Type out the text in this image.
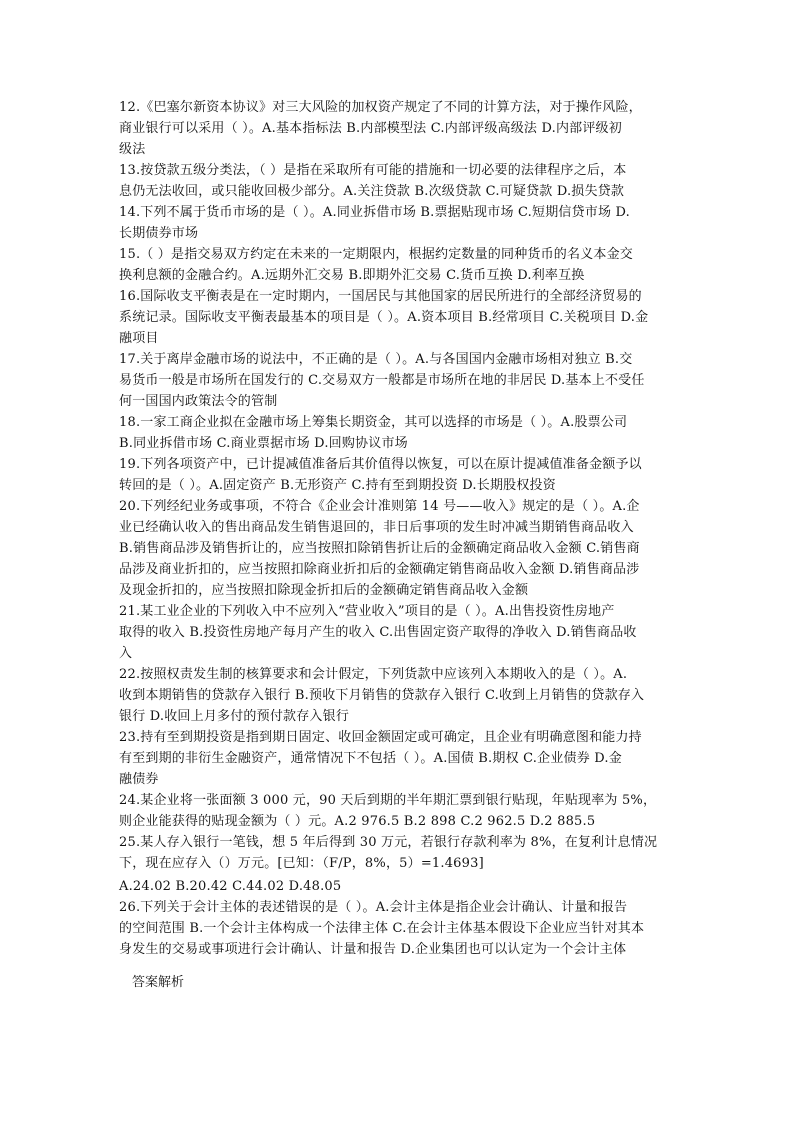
12.《巴塞尔新资本协议》对三大风险的加权资产规定了不同的计算方法，对于操作风险，
商业银行可以采用（ ）。A.基本指标法 B.内部模型法 C.内部评级高级法 D.内部评级初
级法
13.按贷款五级分类法，（ ）是指在采取所有可能的措施和一切必要的法律程序之后，本
息仍无法收回，或只能收回极少部分。A.关注贷款 B.次级贷款 C.可疑贷款 D.损失贷款
14.下列不属于货币市场的是（ ）。A.同业拆借市场 B.票据贴现市场 C.短期信贷市场 D.
长期债券市场
15.（ ）是指交易双方约定在未来的一定期限内，根据约定数量的同种货币的名义本金交
换利息额的金融合约。A.远期外汇交易 B.即期外汇交易 C.货币互换 D.利率互换
16.国际收支平衡表是在一定时期内，一国居民与其他国家的居民所进行的全部经济贸易的
系统记录。国际收支平衡表最基本的项目是（ ）。A.资本项目 B.经常项目 C.关税项目 D.金
融项目
17.关于离岸金融市场的说法中，不正确的是（ ）。A.与各国国内金融市场相对独立 B.交
易货币一般是市场所在国发行的 C.交易双方一般都是市场所在地的非居民 D.基本上不受任
何一国国内政策法令的管制
18.一家工商企业拟在金融市场上筹集长期资金，其可以选择的市场是（ ）。A.股票公司
B.同业拆借市场 C.商业票据市场 D.回购协议市场
19.下列各项资产中，已计提减值准备后其价值得以恢复，可以在原计提减值准备金额予以
转回的是（ ）。A.固定资产 B.无形资产 C.持有至到期投资 D.长期股权投资
20.下列经纪业务或事项，不符合《企业会计准则第 14 号——收入》规定的是（ ）。A.企
业已经确认收入的售出商品发生销售退回的，非日后事项的发生时冲减当期销售商品收入
B.销售商品涉及销售折让的，应当按照扣除销售折让后的金额确定商品收入金额 C.销售商
品涉及商业折扣的，应当按照扣除商业折扣后的金额确定销售商品收入金额 D.销售商品涉
及现金折扣的，应当按照扣除现金折扣后的金额确定销售商品收入金额
21.某工业企业的下列收入中不应列入“营业收入”项目的是（ ）。A.出售投资性房地产
取得的收入 B.投资性房地产每月产生的收入 C.出售固定资产取得的净收入 D.销售商品收
入
22.按照权责发生制的核算要求和会计假定，下列货款中应该列入本期收入的是（ ）。A.
收到本期销售的贷款存入银行 B.预收下月销售的贷款存入银行 C.收到上月销售的贷款存入
银行 D.收回上月多付的预付款存入银行
23.持有至到期投资是指到期日固定、收回金额固定或可确定，且企业有明确意图和能力持
有至到期的非衍生金融资产，通常情况下不包括（ ）。A.国债 B.期权 C.企业债券 D.金
融债券
24.某企业将一张面额 3 000 元，90 天后到期的半年期汇票到银行贴现，年贴现率为 5%，
则企业能获得的贴现金额为（ ）元。A.2 976.5 B.2 898 C.2 962.5 D.2 885.5
25.某人存入银行一笔钱，想 5 年后得到 30 万元，若银行存款利率为 8%，在复利计息情况
下，现在应存入（）万元。[已知：（F/P，8%，5）=1.4693]
A.24.02 B.20.42 C.44.02 D.48.05
26.下列关于会计主体的表述错误的是（ ）。A.会计主体是指企业会计确认、计量和报告
的空间范围 B.一个会计主体构成一个法律主体 C.在会计主体基本假设下企业应当针对其本
身发生的交易或事项进行会计确认、计量和报告 D.企业集团也可以认定为一个会计主体
答案解析
